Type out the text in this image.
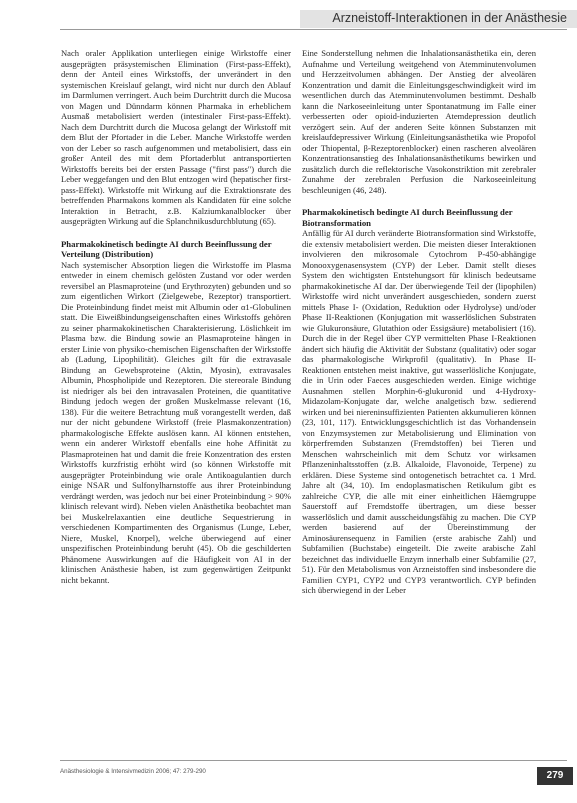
Arzneistoff-Interaktionen in der Anästhesie

Nach oraler Applikation unterliegen einige Wirkstoffe einer ausgeprägten präsystemischen Elimination (First-pass-Effekt), denn der Anteil eines Wirkstoffs, der unverändert in den systemischen Kreislauf gelangt, wird nicht nur durch den Ablauf im Darmlumen verringert. Auch beim Durchtritt durch die Mucosa von Magen und Dünndarm können Pharmaka in erheblichem Ausmaß metabolisiert werden (intestinaler First-pass-Effekt). Nach dem Durchtritt durch die Mucosa gelangt der Wirkstoff mit dem Blut der Pfortader in die Leber. Manche Wirkstoffe werden von der Leber so rasch aufgenommen und metabolisiert, dass ein großer Anteil des mit dem Pfortaderblut antransportierten Wirkstoffs bereits bei der ersten Passage ("first pass") durch die Leber weggefangen und den Blut entzogen wird (hepatischer first-pass-Effekt). Wirkstoffe mit Wirkung auf die Extraktionsrate des betreffenden Pharmakons kommen als Kandidaten für eine solche Interaktion in Betracht, z.B. Kalziumkanalblocker über ausgeprägten Wirkung auf die Splanchnikusdurchblutung (65).

Pharmakokinetisch bedingte AI durch Beeinflussung der Verteilung (Distribution)

Nach systemischer Absorption liegen die Wirkstoffe im Plasma entweder in einem chemisch gelösten Zustand vor oder werden reversibel an Plasmaproteine (und Erythrozyten) gebunden und so zum eigentlichen Wirkort (Zielgewebe, Rezeptor) transportiert. Die Proteinbindung findet meist mit Albumin oder α1-Globulinen statt. Die Eiweißbindungseigenschaften eines Wirkstoffs gehören zu seiner pharmakokinetischen Charakterisierung. Löslichkeit im Plasma bzw. die Bindung sowie an Plasmaproteine hängen in erster Linie von physiko-chemischen Eigenschaften der Wirkstoffe ab (Ladung, Lipophilität). Gleiches gilt für die extravasale Bindung an Gewebsproteine (Aktin, Myosin), extravasales Albumin, Phospholipide und Rezeptoren. Die stereorale Bindung ist niedriger als bei den intravasalen Proteinen, die quantitative Bindung jedoch wegen der großen Muskelmasse relevant (16, 138). Für die weitere Betrachtung muß vorangestellt werden, daß nur der nicht gebundene Wirkstoff (freie Plasmakonzentration) pharmakologische Effekte auslösen kann. AI können entstehen, wenn ein anderer Wirkstoff ebenfalls eine hohe Affinität zu Plasmaproteinen hat und damit die freie Konzentration des ersten Wirkstoffs kurzfristig erhöht wird (so können Wirkstoffe mit ausgeprägter Proteinbindung wie orale Antikoagulantien durch einige NSAR und Sulfonylharnstoffe aus ihrer Proteinbindung verdrängt werden, was jedoch nur bei einer Proteinbindung > 90% klinisch relevant wird). Neben vielen Anästhetika beobachtet man bei Muskelrelaxantien eine deutliche Sequestrierung in verschiedenen Kompartimenten des Organismus (Lunge, Leber, Niere, Muskel, Knorpel), welche überwiegend auf einer unspezifischen Proteinbindung beruht (45). Ob die geschilderten Phänomene Auswirkungen auf die Häufigkeit von AI in der klinischen Anästhesie haben, ist zum gegenwärtigen Zeitpunkt nicht bekannt.

Eine Sonderstellung nehmen die Inhalationsanästhetika ein, deren Aufnahme und Verteilung weitgehend von Atemminutenvolumen und Herzzeitvolumen abhängen. Der Anstieg der alveolären Konzentration und damit die Einleitungsgeschwindigkeit wird im wesentlichen durch das Atemminutenvolumen bestimmt. Deshalb kann die Narkoseeinleitung unter Spontanatmung im Falle einer verbesserten oder opioid-induzierten Atemdepression deutlich verzögert sein. Auf der anderen Seite können Substanzen mit kreislaufdepressiver Wirkung (Einleitungsanästhetika wie Propofol oder Thiopental, β-Rezeptorenblocker) einen rascheren alveolären Konzentrationsanstieg des Inhalationsanästhetikums bewirken und zusätzlich durch die reflektorische Vasokonstriktion mit zerebraler Zunahme der zerebralen Perfusion die Narkoseeinleitung beschleunigen (46, 248).

Pharmakokinetisch bedingte AI durch Beeinflussung der Biotransformation

Anfällig für AI durch veränderte Biotransformation sind Wirkstoffe, die extensiv metabolisiert werden. Die meisten dieser Interaktionen involvieren den mikrosomale Cytochrom P-450-abhängige Monooxygenasensystem (CYP) der Leber. Damit stellt dieses System den wichtigsten Entstehungsort für klinisch bedeutsame pharmakokinetische AI dar. Der überwiegende Teil der (lipophilen) Wirkstoffe wird nicht unverändert ausgeschieden, sondern zuerst mittels Phase I- (Oxidation, Reduktion oder Hydrolyse) und/oder Phase II-Reaktionen (Konjugation mit wasserlöslichen Substraten wie Glukuronsäure, Glutathion oder Essigsäure) metabolisiert (16). Durch die in der Regel über CYP vermittelten Phase I-Reaktionen ändert sich häufig die Aktivität der Substanz (qualitativ) oder sogar das pharmakologische Wirkprofil (qualitativ). In Phase II-Reaktionen entstehen meist inaktive, gut wasserlösliche Konjugate, die in Urin oder Faeces ausgeschieden werden. Einige wichtige Ausnahmen stellen Morphin-6-glukuronid und 4-Hydroxy-Midazolam-Konjugate dar, welche analgetisch bzw. sedierend wirken und bei niereninsuffizienten Patienten akkumulieren können (23, 101, 117). Entwicklungsgeschichtlich ist das Vorhandensein von Enzymsystemen zur Metabolisierung und Elimination von körperfremden Substanzen (Fremdstoffen) bei Tieren und Menschen wahrscheinlich mit dem Schutz vor wirksamen Pflanzeninhaltsstoffen (z.B. Alkaloide, Flavonoide, Terpene) zu erklären. Diese Systeme sind ontogenetisch betrachtet ca. 1 Mrd. Jahre alt (34, 10). Im endoplasmatischen Retikulum gibt es zahlreiche CYP, die alle mit einer einheitlichen Häemgruppe Sauerstoff auf Fremdstoffe übertragen, um diese besser wasserlöslich und damit ausscheidungsfähig zu machen. Die CYP werden basierend auf der Übereinstimmung der Aminosäurensequenz in Familien (erste arabische Zahl) und Subfamilien (Buchstabe) eingeteilt. Die zweite arabische Zahl bezeichnet das individuelle Enzym innerhalb einer Subfamilie (27, 51). Für den Metabolismus von Arzneistoffen sind insbesondere die Familien CYP1, CYP2 und CYP3 verantwortlich. CYP befinden sich überwiegend in der Leber

Anästhesiologie & Intensivmedizin 2006; 47: 279-290	279
